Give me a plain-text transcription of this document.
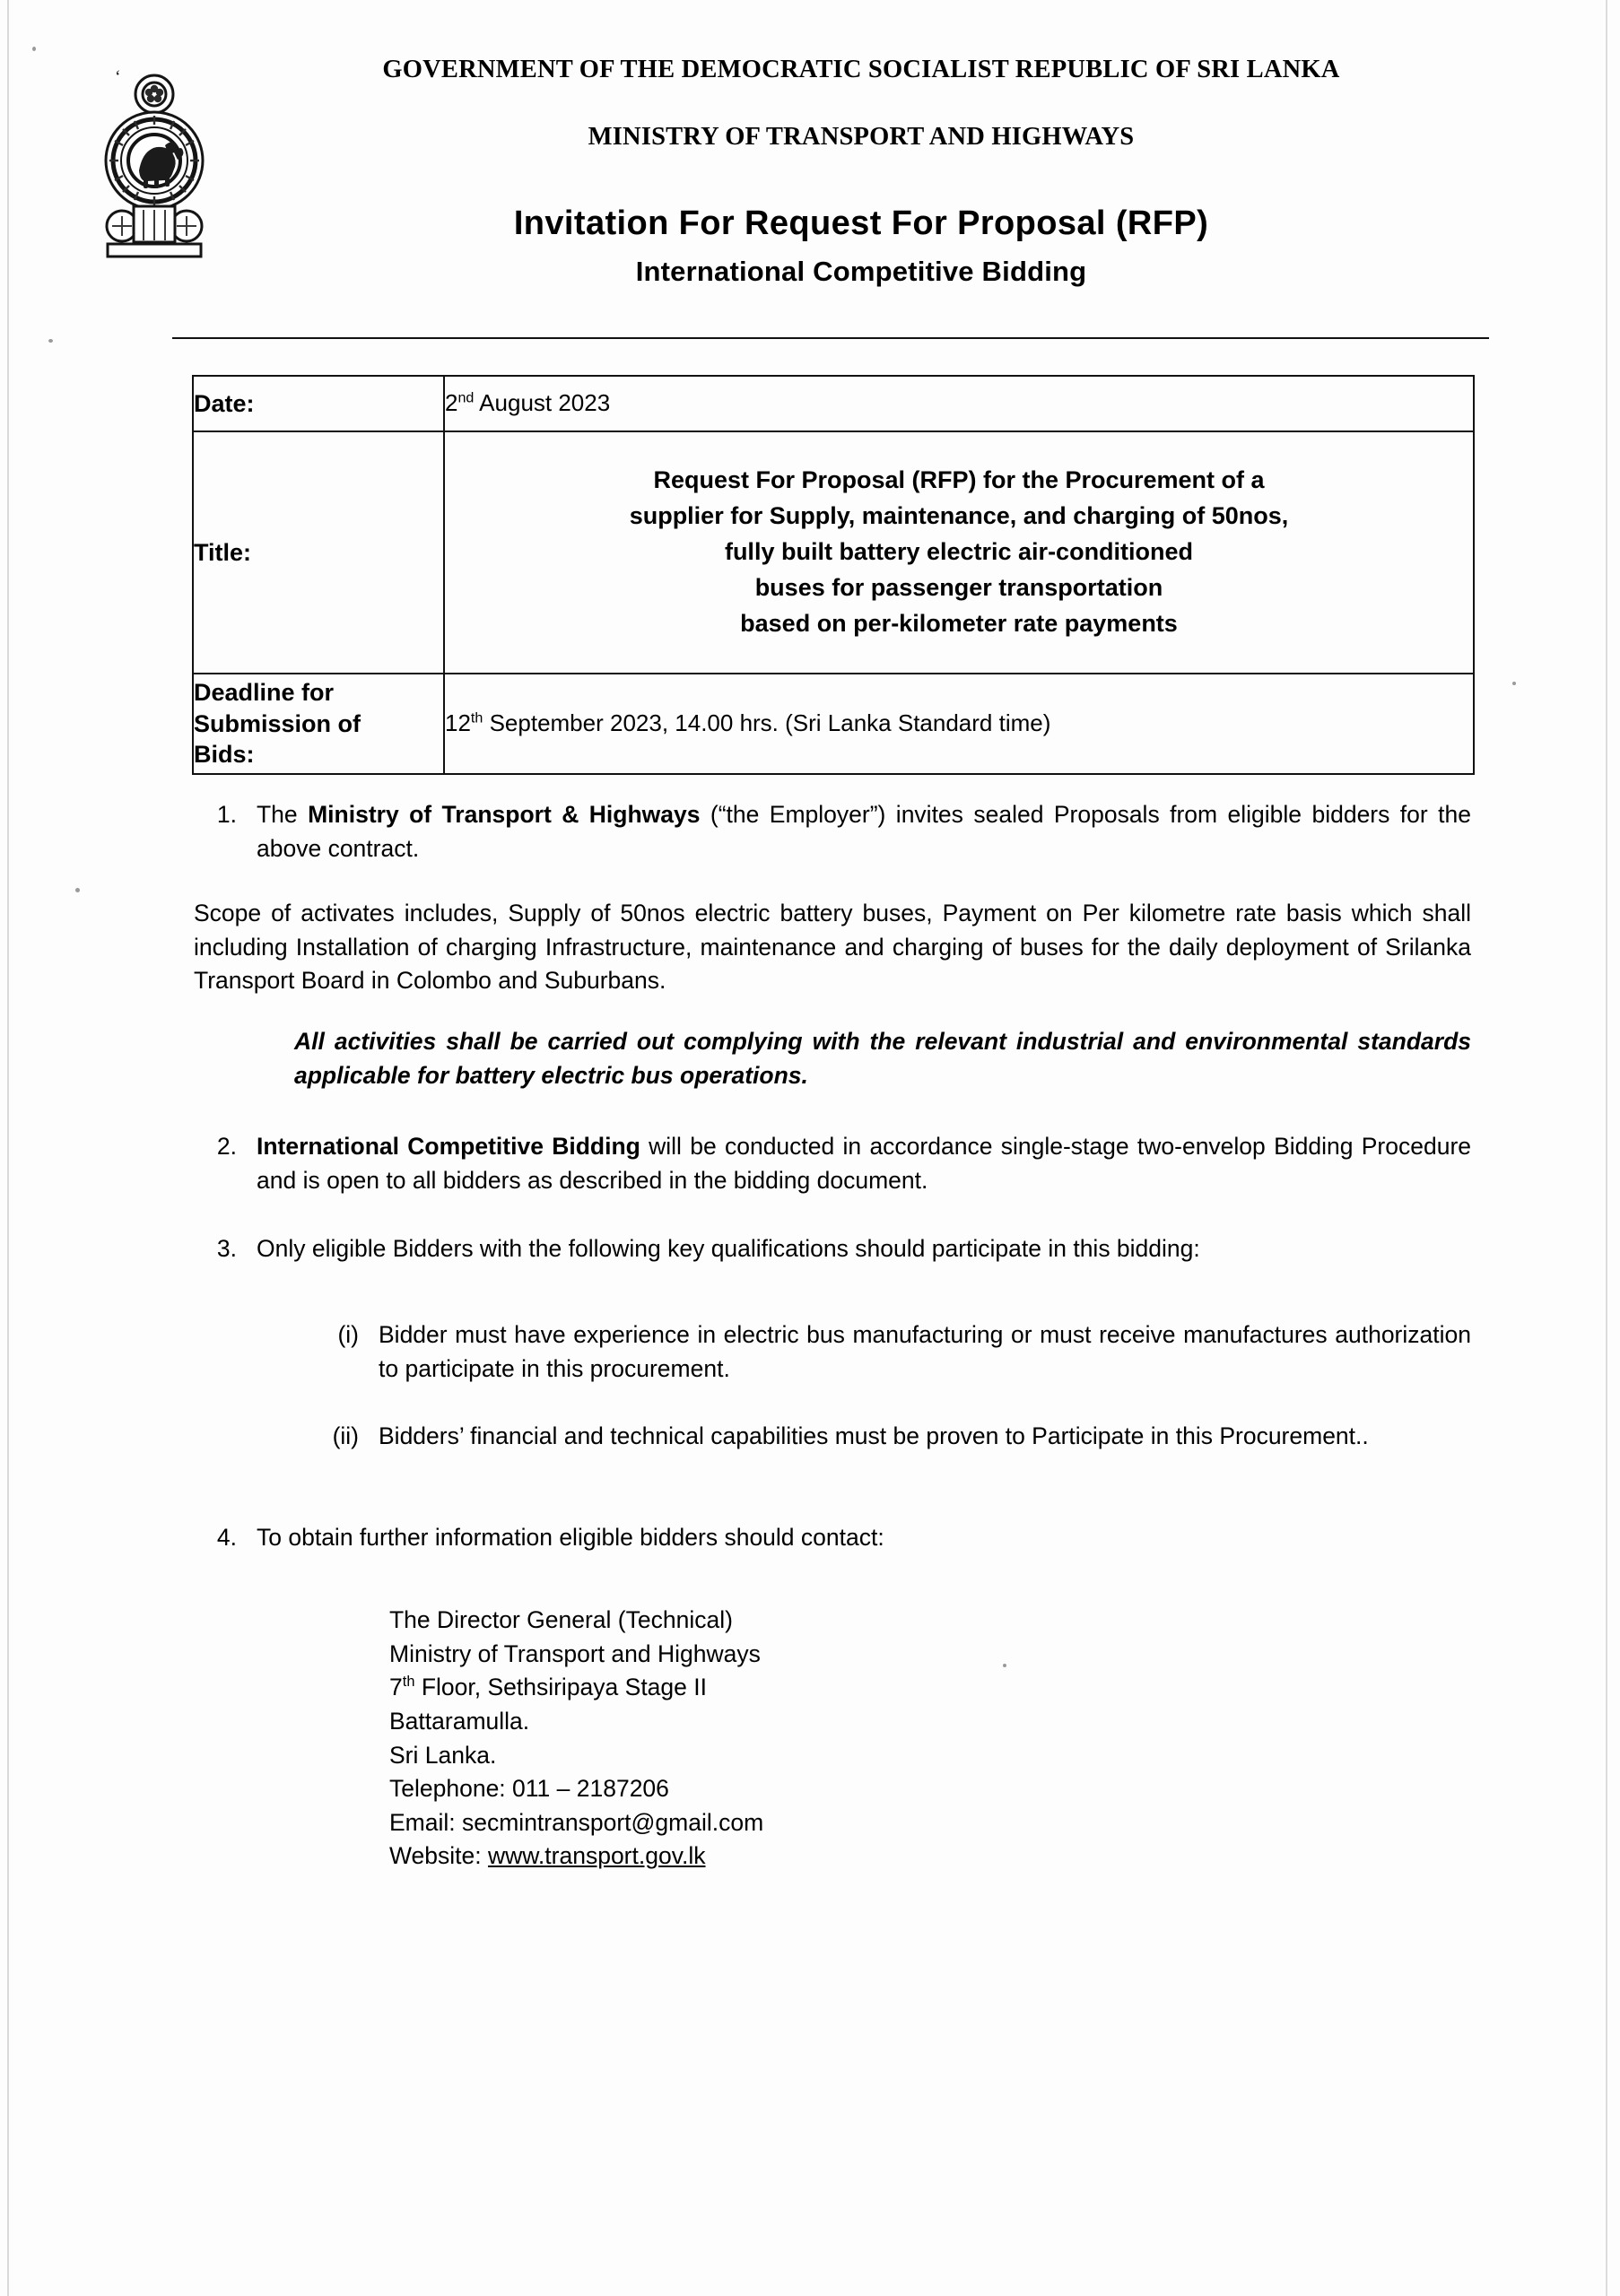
‘	GOVERNMENT OF THE DEMOCRATIC SOCIALIST REPUBLIC OF SRI LANKA
MINISTRY OF TRANSPORT AND HIGHWAYS
Invitation For Request For Proposal (RFP)
International Competitive Bidding
Date:	2nd August 2023
Title:	Request For Proposal (RFP) for the Procurement of a
supplier for Supply, maintenance, and charging of 50nos,
fully built battery electric air-conditioned
buses for passenger transportation
based on per-kilometer rate payments

Deadline for
Submission of
Bids:	12th September 2023, 14.00 hrs. (Sri Lanka Standard time)
1. The Ministry of Transport & Highways (“the Employer”) invites sealed Proposals from eligible bidders for the above contract.
Scope of activates includes, Supply of 50nos electric battery buses, Payment on Per kilometre rate basis which shall including Installation of charging Infrastructure, maintenance and charging of buses for the daily deployment of Srilanka Transport Board in Colombo and Suburbans.
All activities shall be carried out complying with the relevant industrial and environmental standards applicable for battery electric bus operations.
2. International Competitive Bidding will be conducted in accordance single-stage two-envelop Bidding Procedure and is open to all bidders as described in the bidding document.
3. Only eligible Bidders with the following key qualifications should participate in this bidding:
(i) Bidder must have experience in electric bus manufacturing or must receive manufactures authorization to participate in this procurement.
(ii) Bidders’ financial and technical capabilities must be proven to Participate in this Procurement..
4. To obtain further information eligible bidders should contact:
The Director General (Technical)
Ministry of Transport and Highways
7th Floor, Sethsiripaya Stage II
Battaramulla.
Sri Lanka.
Telephone: 011 – 2187206
Email: secmintransport@gmail.com
Website: www.transport.gov.lk
